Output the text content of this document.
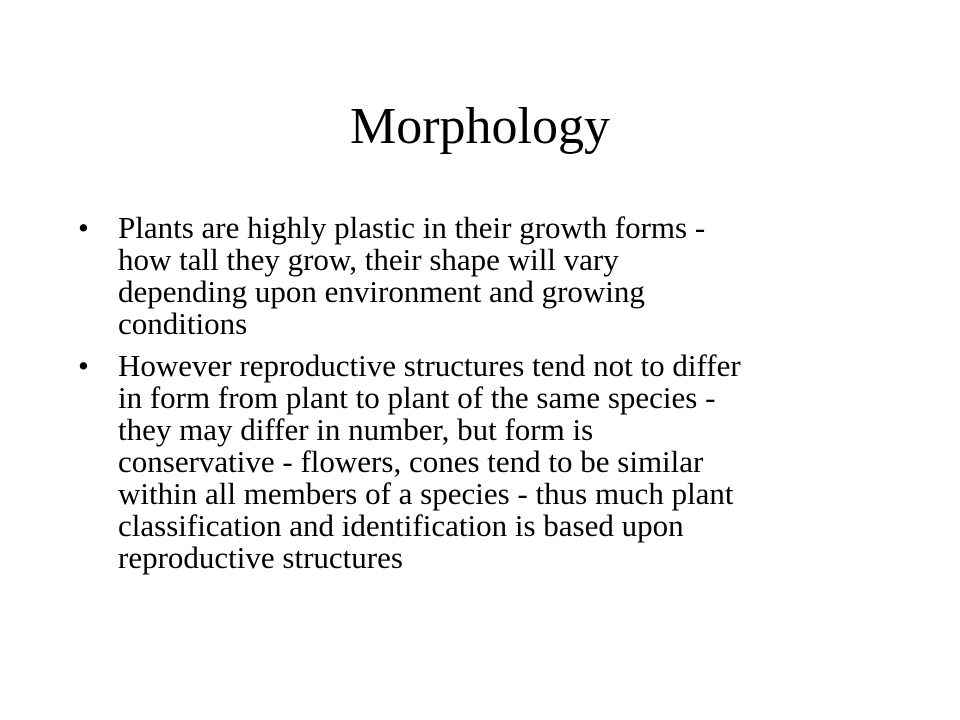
Morphology
• Plants are highly plastic in their growth forms -
how tall they grow, their shape will vary
depending upon environment and growing
conditions
• However reproductive structures tend not to differ
in form from plant to plant of the same species -
they may differ in number, but form is
conservative - flowers, cones tend to be similar
within all members of a species - thus much plant
classification and identification is based upon
reproductive structures
